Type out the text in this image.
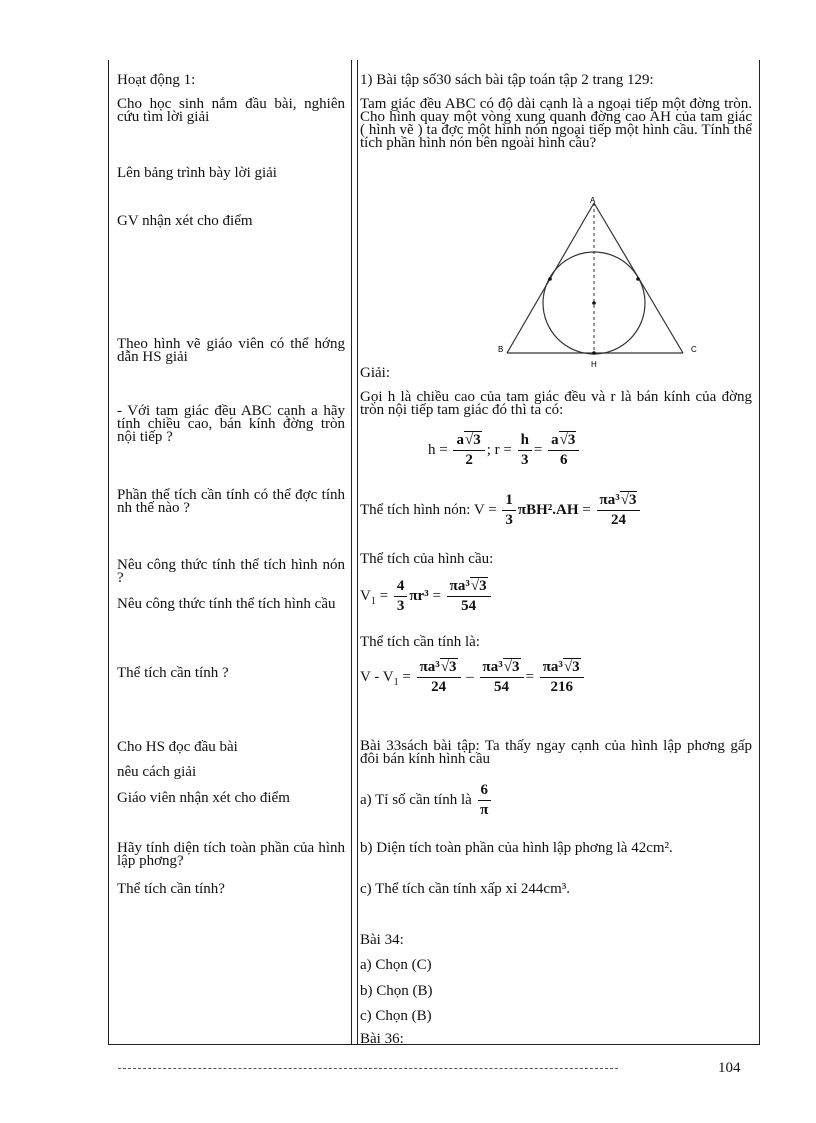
Hoạt động 1:
Cho học sinh nắm đầu bài, nghiên cứu tìm lời giải
Lên bảng trình bày lời giải
GV nhận xét cho điểm
Theo hình vẽ giáo viên có thể hớng dẫn HS giải
- Với tam giác đều ABC cạnh a hãy tính chiều cao, bán kính đờng tròn nội tiếp ?
Phần thể tích cần tính có thể đợc tính nh thế nào ?
Nêu công thức tính thể tích hình nón ?
Nêu công thức tính thể tích hình cầu
Thể tích cần tính ?
Cho HS đọc đầu bài
nêu cách giải
Giáo viên nhận xét cho điểm
Hãy tính diện tích toàn phần của hình lập phơng?
Thể tích cần tính?
1) Bài tập số30 sách bài tập toán tập 2 trang 129:
Tam giác đều ABC có độ dài cạnh là a ngoại tiếp một đờng tròn. Cho hình quay một vòng xung quanh đờng cao AH của tam giác ( hình vẽ ) ta đợc một hình nón ngoại tiếp một hình cầu. Tính thể tích phần hình nón bên ngoài hình cầu?
A
B	C
H
Giải:
Gọi h là chiều cao của tam giác đều và r là bán kính của đờng tròn nội tiếp tam giác đó thì ta có:
$h = \frac{a√3}{2}$ ; $r = \frac{h}{3} = \frac{a√3}{6}$
Thể tích hình nón: $V = \frac{1}{3} \pi BH^2.AH = \frac{\text{πa³√3}}{24}$
Thể tích của hình cầu:
$V_1 = \frac{4}{3} \pi r^3 = \frac{\text{πa³√3}}{54}$
Thể tích cần tính là:
$V - V_1 = \frac{\text{πa³√3}}{24} - \frac{\text{πa³√3}}{54} = \frac{\text{πa³√3}}{216}$
Bài 33sách bài tập: Ta thấy ngay cạnh của hình lập phơng gấp đôi bán kính hình cầu
a) Tỉ số cần tính là $\frac{6}{\pi}$
b) Diện tích toàn phần của hình lập phơng là 42cm².
c) Thể tích cần tính xấp xỉ 244cm³.
Bài 34:
a) Chọn (C)
b) Chọn (B)
c) Chọn (B)
Bài 36:
104
